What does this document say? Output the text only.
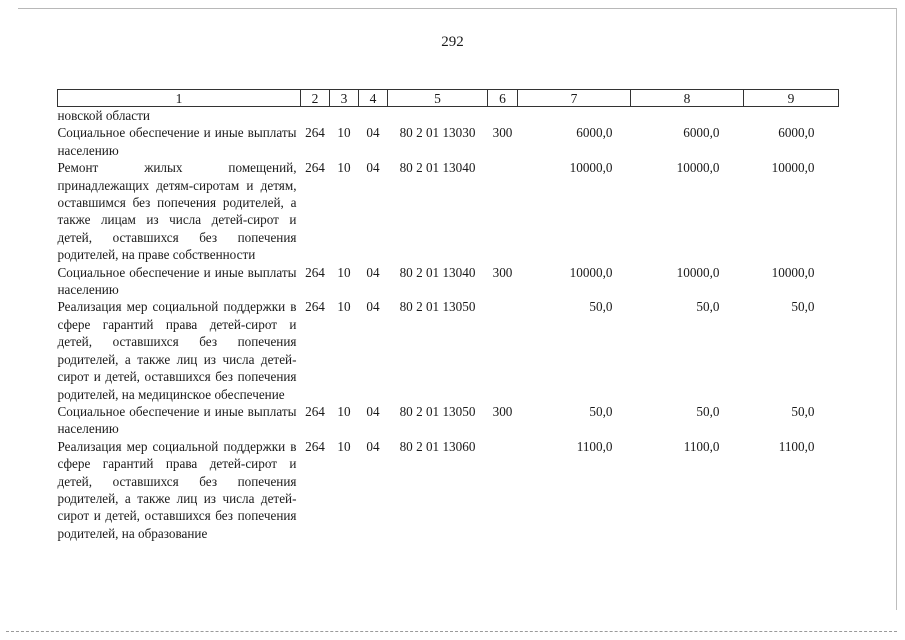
292
1	2	3	4	5	6	7	8	9
новской области								
Социальное обеспечение и иные выплаты населению	264	10	04	80 2 01 13030	300	6000,0	6000,0	6000,0
Ремонт жилых помещений, принадлежащих детям-сиротам и детям, оставшимся без попечения родителей, а также лицам из числа детей-сирот и детей, оставшихся без попечения родителей, на праве собственности	264	10	04	80 2 01 13040		10000,0	10000,0	10000,0
Социальное обеспечение и иные выплаты населению	264	10	04	80 2 01 13040	300	10000,0	10000,0	10000,0
Реализация мер социальной поддержки в сфере гарантий права детей-сирот и детей, оставшихся без попечения родителей, а также лиц из числа детей-сирот и детей, оставшихся без попечения родителей, на медицинское обеспечение	264	10	04	80 2 01 13050		50,0	50,0	50,0
Социальное обеспечение и иные выплаты населению	264	10	04	80 2 01 13050	300	50,0	50,0	50,0
Реализация мер социальной поддержки в сфере гарантий права детей-сирот и детей, оставшихся без попечения родителей, а также лиц из числа детей-сирот и детей, оставшихся без попечения родителей, на образование	264	10	04	80 2 01 13060		1100,0	1100,0	1100,0
